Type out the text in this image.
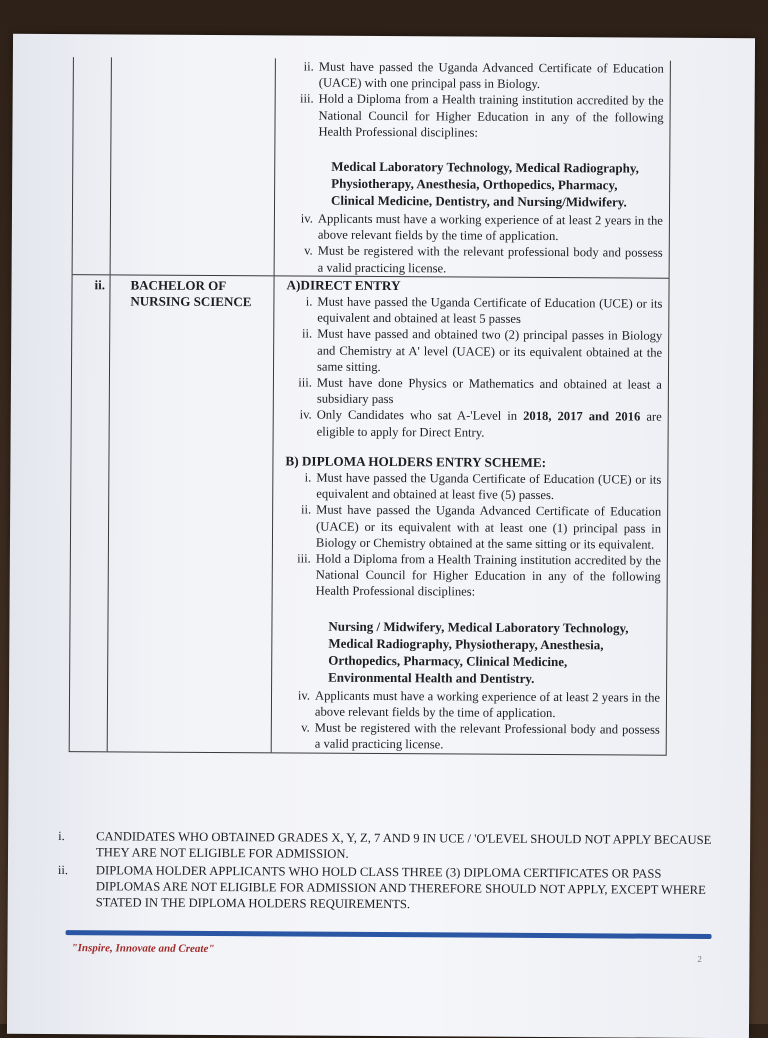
ii. Must have passed the Uganda Advanced Certificate of Education (UACE) with one principal pass in Biology.
iii. Hold a Diploma from a Health training institution accredited by the National Council for Higher Education in any of the following Health Professional disciplines:
Medical Laboratory Technology, Medical Radiography, Physiotherapy, Anesthesia, Orthopedics, Pharmacy, Clinical Medicine, Dentistry, and Nursing/Midwifery.
iv. Applicants must have a working experience of at least 2 years in the above relevant fields by the time of application.
v. Must be registered with the relevant professional body and possess a valid practicing license.
ii.	BACHELOR OF NURSING SCIENCE
A)DIRECT ENTRY
i. Must have passed the Uganda Certificate of Education (UCE) or its equivalent and obtained at least 5 passes
ii. Must have passed and obtained two (2) principal passes in Biology and Chemistry at A' level (UACE) or its equivalent obtained at the same sitting.
iii. Must have done Physics or Mathematics and obtained at least a subsidiary pass
iv. Only Candidates who sat A-'Level in 2018, 2017 and 2016 are eligible to apply for Direct Entry.
B) DIPLOMA HOLDERS ENTRY SCHEME:
i. Must have passed the Uganda Certificate of Education (UCE) or its equivalent and obtained at least five (5) passes.
ii. Must have passed the Uganda Advanced Certificate of Education (UACE) or its equivalent with at least one (1) principal pass in Biology or Chemistry obtained at the same sitting or its equivalent.
iii. Hold a Diploma from a Health Training institution accredited by the National Council for Higher Education in any of the following Health Professional disciplines:
Nursing / Midwifery, Medical Laboratory Technology, Medical Radiography, Physiotherapy, Anesthesia, Orthopedics, Pharmacy, Clinical Medicine, Environmental Health and Dentistry.
iv. Applicants must have a working experience of at least 2 years in the above relevant fields by the time of application.
v. Must be registered with the relevant Professional body and possess a valid practicing license.
i.	CANDIDATES WHO OBTAINED GRADES X, Y, Z, 7 AND 9 IN UCE / 'O'LEVEL SHOULD NOT APPLY BECAUSE THEY ARE NOT ELIGIBLE FOR ADMISSION.
ii.	DIPLOMA HOLDER APPLICANTS WHO HOLD CLASS THREE (3) DIPLOMA CERTIFICATES OR PASS DIPLOMAS ARE NOT ELIGIBLE FOR ADMISSION AND THEREFORE SHOULD NOT APPLY, EXCEPT WHERE STATED IN THE DIPLOMA HOLDERS REQUIREMENTS.
"Inspire, Innovate and Create"
2
